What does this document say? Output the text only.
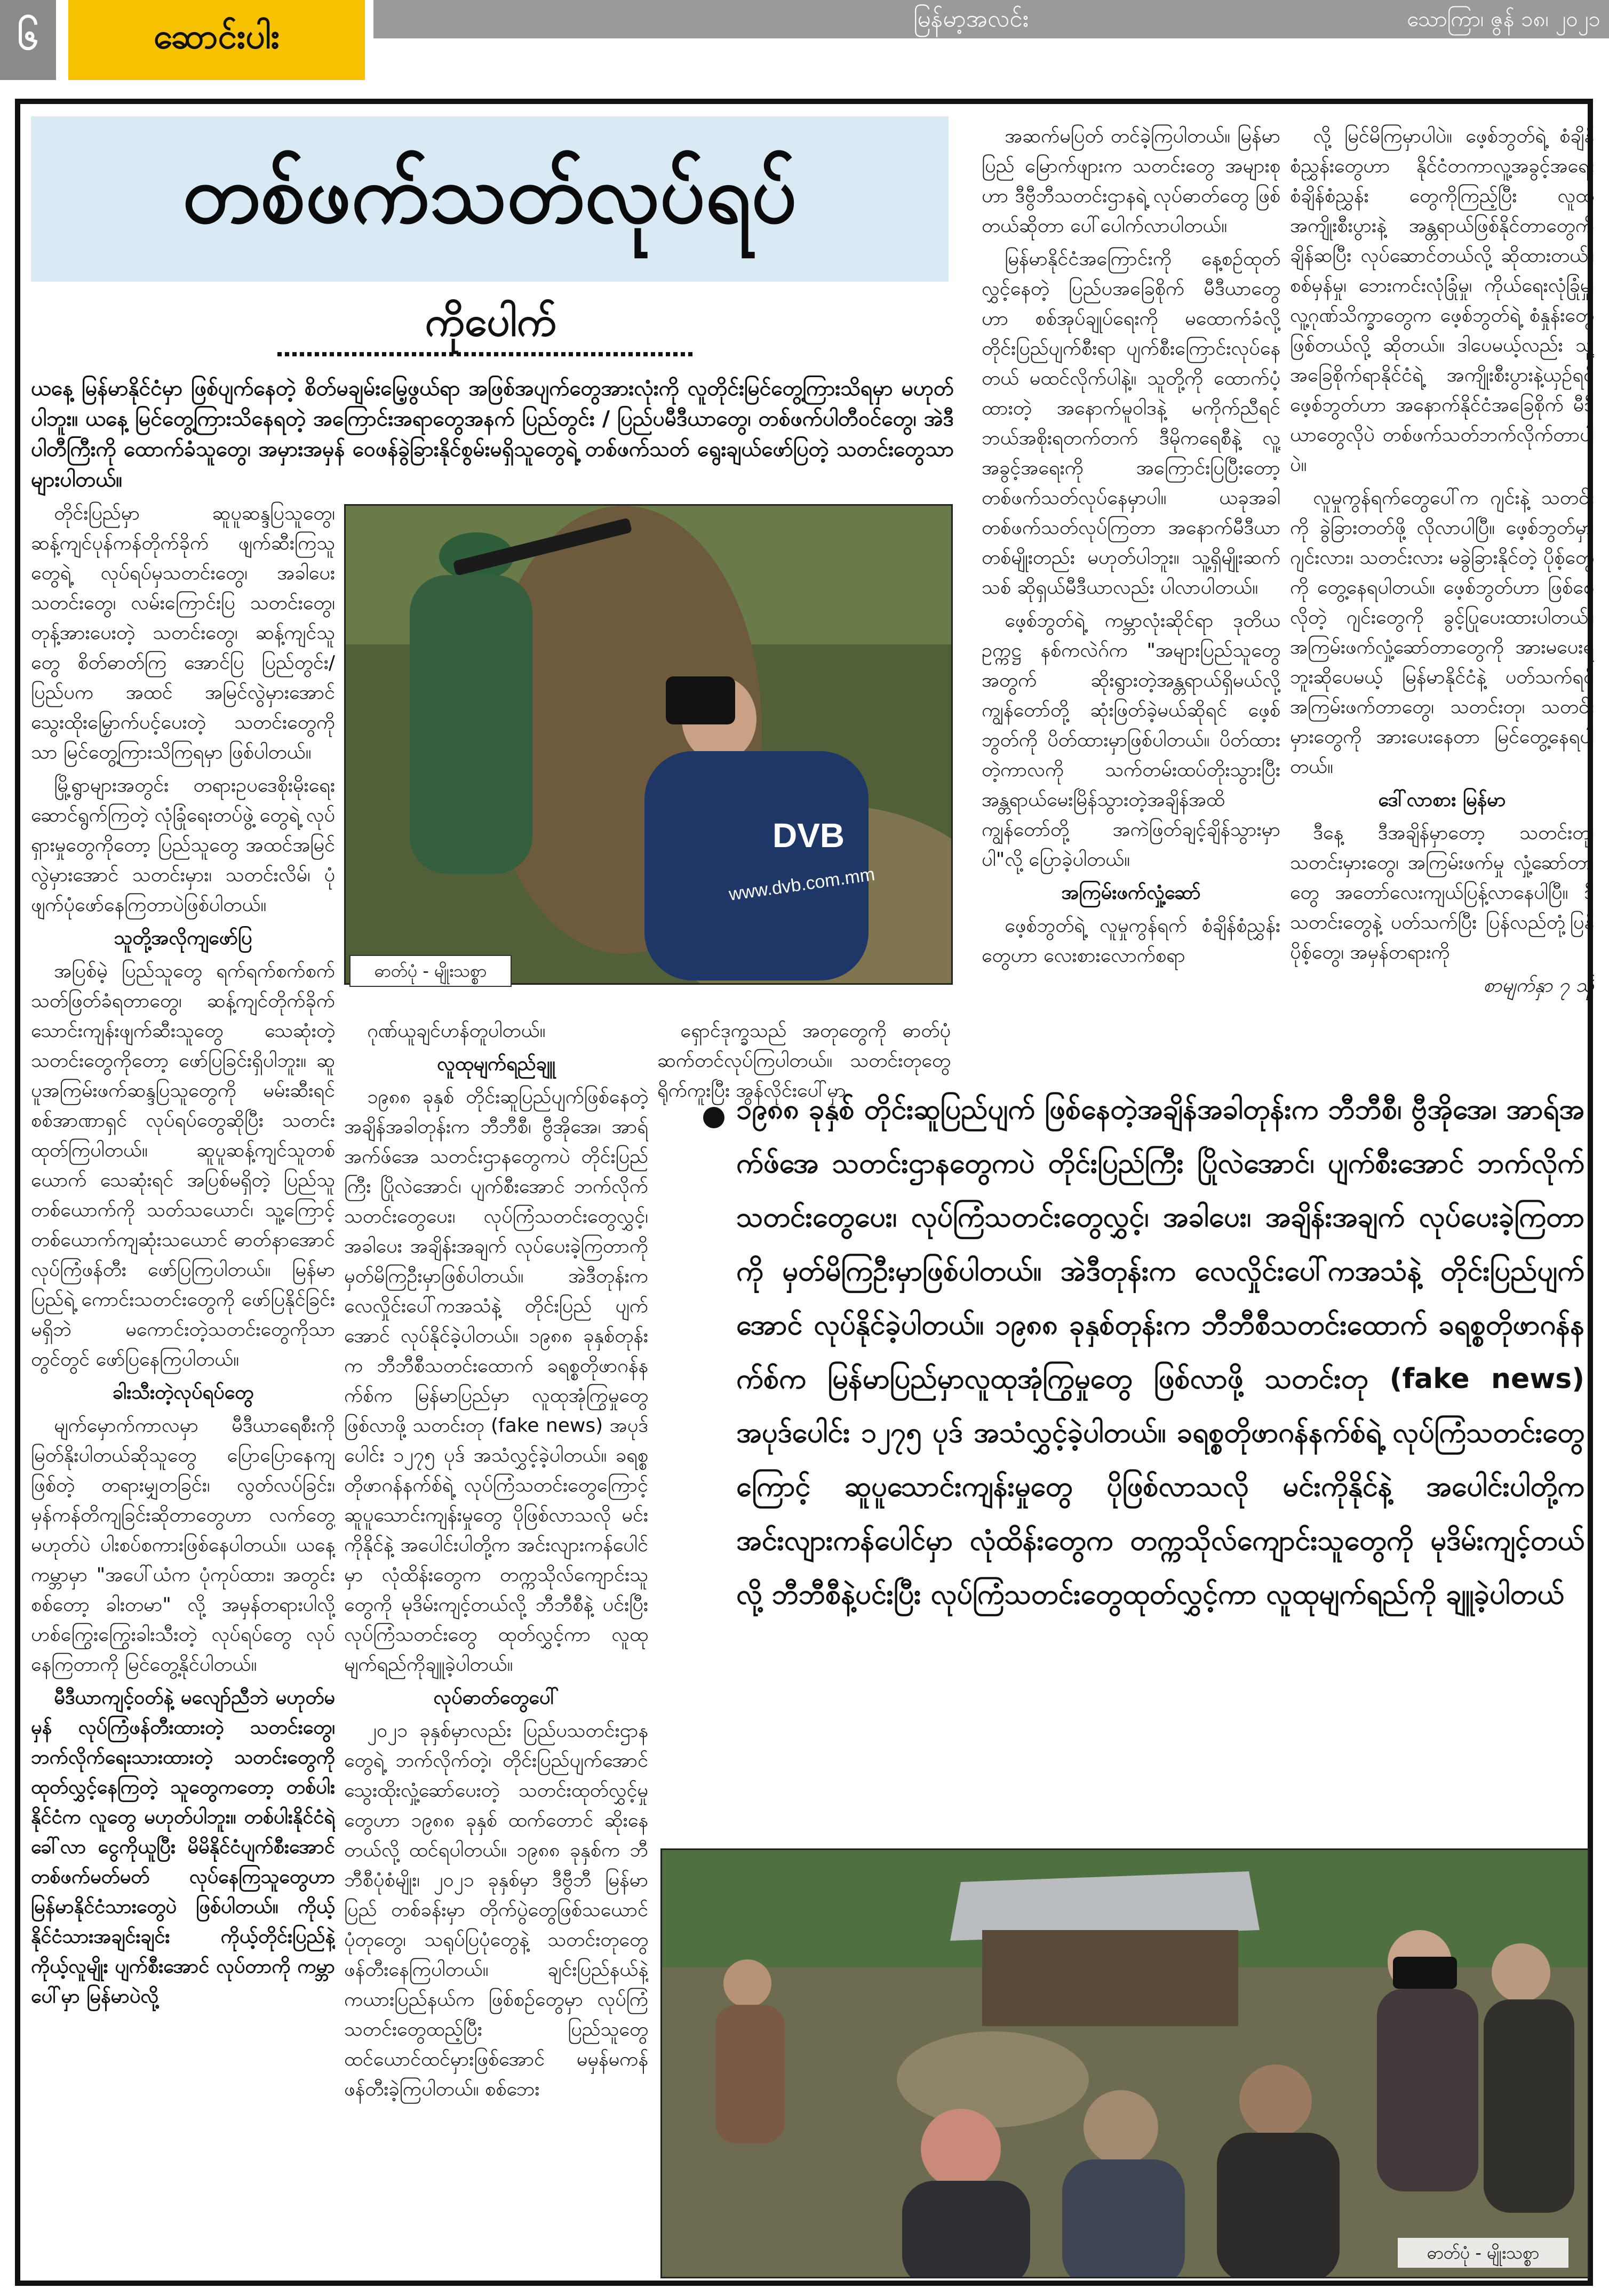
၆	ဆောင်းပါး	မြန်မာ့အလင်း	သောကြာ၊ ဇွန် ၁၈၊ ၂၀၂၁
တစ်ဖက်သတ်လုပ်ရပ်
ကိုပေါက်
ယနေ့ မြန်မာနိုင်ငံမှာ ဖြစ်ပျက်နေတဲ့ စိတ်မချမ်းမြေ့ဖွယ်ရာ အဖြစ်အပျက်တွေအားလုံးကို လူတိုင်းမြင်တွေ့ကြားသိရမှာ မဟုတ်ပါဘူး။ ယနေ့ မြင်တွေ့ကြားသိနေရတဲ့ အကြောင်းအရာတွေအနက် ပြည်တွင်း / ပြည်ပမီဒီယာတွေ၊ တစ်ဖက်ပါတီဝင်တွေ၊ အဲဒီ ပါတီကြီးကို ထောက်ခံသူတွေ၊ အမှားအမှန် ဝေဖန်ခွဲခြားနိုင်စွမ်းမရှိသူတွေရဲ့ တစ်ဖက်သတ် ရွေးချယ်ဖော်ပြတဲ့ သတင်းတွေသာ များပါတယ်။

တိုင်းပြည်မှာ ဆူပူဆန္ဒပြသူတွေ၊ ဆန့်ကျင်ပုန်ကန်တိုက်ခိုက် ဖျက်ဆီးကြသူတွေရဲ့ လုပ်ရပ်မှသတင်းတွေ၊ အခါပေးသတင်းတွေ၊ လမ်းကြောင်းပြ သတင်းတွေ၊ တုန့်အားပေးတဲ့ သတင်းတွေ၊ ဆန့်ကျင်သူတွေ စိတ်ဓာတ်ကြ အောင်ပြ ပြည်တွင်း/ ပြည်ပက အထင် အမြင်လွဲမှားအောင် သွေးထိုးမြှောက်ပင့်ပေးတဲ့ သတင်းတွေကိုသာ မြင်တွေ့ကြားသိကြရမှာ ဖြစ်ပါတယ်။

မြို့ရွာများအတွင်း တရားဥပဒေစိုးမိုးရေးဆောင်ရွက်ကြတဲ့ လုံခြုံရေးတပ်ဖွဲ့ တွေရဲ့ လုပ်ရှားမှုတွေကိုတော့ ပြည်သူတွေ အထင်အမြင်လွဲမှားအောင် သတင်းမှား၊ သတင်းလိမ်၊ ပုံဖျက်ပုံဖော်နေကြတာပဲဖြစ်ပါတယ်။

သူတို့အလိုကျဖော်ပြ

အပြစ်မဲ့ ပြည်သူတွေ ရက်ရက်စက်စက် သတ်ဖြတ်ခံရတာတွေ၊ ဆန့်ကျင်တိုက်ခိုက် သောင်းကျန်းဖျက်ဆီးသူတွေ သေဆုံးတဲ့သတင်းတွေကိုတော့ ဖော်ပြခြင်းရှိပါဘူး။ ဆူပူအကြမ်းဖက်ဆန္ဒပြသူတွေကို မမ်းဆီးရင် စစ်အာဏာရှင် လုပ်ရပ်တွေဆိုပြီး သတင်းထုတ်ကြပါတယ်။ ဆူပူဆန့်ကျင်သူတစ်ယောက် သေဆုံးရင် အပြစ်မရှိတဲ့ ပြည်သူတစ်ယောက်ကို သတ်သယောင်၊ သူ့ကြောင့်တစ်ယောက်ကျဆုံးသယောင် ဓာတ်နာအောင်လုပ်ကြံဖန်တီး ဖော်ပြကြပါတယ်။ မြန်မာပြည်ရဲ့ ကောင်းသတင်းတွေကို ဖော်ပြနိုင်ခြင်းမရှိဘဲ မကောင်းတဲ့သတင်းတွေကိုသာတွင်တွင် ဖော်ပြနေကြပါတယ်။

ခါးသီးတဲ့လုပ်ရပ်တွေ

မျက်မှောက်ကာလမှာ မီဒီယာရေစီးကို မြတ်နိုးပါတယ်ဆိုသူတွေ ပြောပြောနေကျဖြစ်တဲ့ တရားမျှတခြင်း၊ လွတ်လပ်ခြင်း၊ မှန်ကန်တိကျခြင်းဆိုတာတွေဟာ လက်တွေ့ မဟုတ်ပဲ ပါးစပ်စကားဖြစ်နေပါတယ်။ ယနေ့ကမ္ဘာမှာ "အပေါ်ယံက ပုံကုပ်ထား၊ အတွင်းစစ်တော့ ခါးတမာ" လို့ အမှန်တရားပါလို့ ဟစ်ကြွေးကြွေးခါးသီးတဲ့ လုပ်ရပ်တွေ လုပ်နေကြတာကို မြင်တွေ့နိုင်ပါတယ်။

မီဒီယာကျင့်ဝတ်နဲ့ မလျော်ညီဘဲ မဟုတ်မမှန် လုပ်ကြံဖန်တီးထားတဲ့ သတင်းတွေ၊ ဘက်လိုက်ရေးသားထားတဲ့ သတင်းတွေကို ထုတ်လွှင့်နေကြတဲ့ သူတွေကတော့ တစ်ပါးနိုင်ငံက လူတွေ မဟုတ်ပါဘူး။ တစ်ပါးနိုင်ငံရဲ့ ခေါ်လာ ငွေကိုယူပြီး မိမိနိုင်ငံပျက်စီးအောင် တစ်ဖက်မတ်မတ် လုပ်နေကြသူတွေဟာ မြန်မာနိုင်ငံသားတွေပဲ ဖြစ်ပါတယ်။ ကိုယ့်နိုင်ငံသားအချင်းချင်း ကိုယ့်တိုင်းပြည်နဲ့ ကိုယ့်လူမျိုး ပျက်စီးအောင် လုပ်တာကို ကမ္ဘာပေါ်မှာ မြန်မာပဲလို့

ဂုဏ်ယူချင်ဟန်တူပါတယ်။

လူထုမျက်ရည်ချူ

၁၉၈၈ ခုနှစ် တိုင်းဆူပြည်ပျက်ဖြစ်နေတဲ့အချိန်အခါတုန်းက ဘီဘီစီ၊ ဗွီအိုအေ၊ အာရ်အက်ဖ်အေ သတင်းဌာနတွေကပဲ တိုင်းပြည်ကြီး ပြိုလဲအောင်၊ ပျက်စီးအောင် ဘက်လိုက်သတင်းတွေပေး၊ လုပ်ကြံသတင်းတွေလွှင့်၊ အခါပေး အချိန်းအချက် လုပ်ပေးခဲ့ကြတာကို မှတ်မိကြဦးမှာဖြစ်ပါတယ်။ အဲဒီတုန်းက လေလှိုင်းပေါ်ကအသံနဲ့ တိုင်းပြည် ပျက်အောင် လုပ်နိုင်ခဲ့ပါတယ်။ ၁၉၈၈ ခုနှစ်တုန်းက ဘီဘီစီသတင်းထောက် ခရစ္စတိုဖာဂန်နက်စ်က မြန်မာပြည်မှာ လူထုအုံကြွမှုတွေဖြစ်လာဖို့ သတင်းတု (fake news) အပုဒ်ပေါင်း ၁၂၇၅ ပုဒ် အသံလွှင့်ခဲ့ပါတယ်။ ခရစ္စတိုဖာဂန်နက်စ်ရဲ့ လုပ်ကြံသတင်းတွေကြောင့် ဆူပူသောင်းကျန်းမှုတွေ ပိုဖြစ်လာသလို မင်းကိုနိုင်နဲ့ အပေါင်းပါတို့က အင်းလျားကန်ပေါင်မှာ လုံထိန်းတွေက တက္ကသိုလ်ကျောင်းသူတွေကို မုဒိမ်းကျင့်တယ်လို့ ဘီဘီစီနဲ့ ပင်းပြီး လုပ်ကြံသတင်းတွေ ထုတ်လွှင့်ကာ လူထုမျက်ရည်ကိုချူခဲ့ပါတယ်။

လုပ်ဓာတ်တွေပေါ်

၂၀၂၁ ခုနှစ်မှာလည်း ပြည်ပသတင်းဌာနတွေရဲ့ ဘက်လိုက်တဲ့၊ တိုင်းပြည်ပျက်အောင် သွေးထိုးလှုံ့ဆော်ပေးတဲ့ သတင်းထုတ်လွှင့်မှုတွေဟာ ၁၉၈၈ ခုနှစ် ထက်တောင် ဆိုးနေတယ်လို့ ထင်ရပါတယ်။ ၁၉၈၈ ခုနှစ်က ဘီဘီစီပုံစံမျိုး၊ ၂၀၂၁ ခုနှစ်မှာ ဒီဗွီဘီ မြန်မာပြည် တစ်ခန်းမှာ တိုက်ပွဲတွေဖြစ်သယောင် ပုံတုတွေ၊ သရုပ်ပြပုံတွေနဲ့ သတင်းတုတွေ ဖန်တီးနေကြပါတယ်။ ချင်းပြည်နယ်နဲ့ ကယားပြည်နယ်က ဖြစ်စဉ်တွေမှာ လုပ်ကြံသတင်းတွေထည့်ပြီး ပြည်သူတွေ ထင်ယောင်ထင်မှားဖြစ်အောင် မမှန်မကန် ဖန်တီးခဲ့ကြပါတယ်။ စစ်ဘေး

ရှောင်ဒုက္ခသည် အတုတွေကို ဓာတ်ပုံဆက်တင်လုပ်ကြပါတယ်။ သတင်းတုတွေရိုက်ကူးပြီး အွန်လိုင်းပေါ်မှာ

အဆက်မပြတ် တင်ခဲ့ကြပါတယ်။ မြန်မာပြည် မြောက်ဖျားက သတင်းတွေ အများစုဟာ ဒီဗွီဘီသတင်းဌာနရဲ့ လုပ်ဓာတ်တွေ ဖြစ်တယ်ဆိုတာ ပေါ်ပေါက်လာပါတယ်။

မြန်မာနိုင်ငံအကြောင်းကို နေ့စဉ်ထုတ်လွှင့်နေတဲ့ ပြည်ပအခြေစိုက် မီဒီယာတွေဟာ စစ်အုပ်ချုပ်ရေးကို မထောက်ခံလို့ တိုင်းပြည်ပျက်စီးရာ ပျက်စီးကြောင်းလုပ်နေတယ် မထင်လိုက်ပါနဲ့။ သူတို့ကို ထောက်ပံ့ထားတဲ့ အနောက်မူဝါဒနဲ့ မကိုက်ညီရင် ဘယ်အစိုးရတက်တက် ဒီမိုကရေစီနဲ့ လူ့အခွင့်အရေးကို အကြောင်းပြပြီးတော့ တစ်ဖက်သတ်လုပ်နေမှာပါ။ ယခုအခါ တစ်ဖက်သတ်လုပ်ကြတာ အနောက်မီဒီယာတစ်မျိုးတည်း မဟုတ်ပါဘူး။ သူ့ရှိမျိုးဆက်သစ် ဆိုရှယ်မီဒီယာလည်း ပါလာပါတယ်။

ဖေ့စ်ဘွတ်ရဲ့ ကမ္ဘာလုံးဆိုင်ရာ ဒုတိယဥက္ကဋ္ဌ နစ်ကလဲဂ်က "အများပြည်သူတွေအတွက် ဆိုးရွားတဲ့အန္တရာယ်ရှိမယ်လို့ ကျွန်တော်တို့ ဆုံးဖြတ်ခဲ့မယ်ဆိုရင် ဖေ့စ်ဘွတ်ကို ပိတ်ထားမှာဖြစ်ပါတယ်။ ပိတ်ထားတဲ့ကာလကို သက်တမ်းထပ်တိုးသွားပြီး အန္တရာယ်မေးမြိန်သွားတဲ့အချိန်အထိ ကျွန်တော်တို့ အကဲဖြတ်ချင့်ချိန်သွားမှာပါ"လို့ ပြောခဲ့ပါတယ်။

အကြမ်းဖက်လှုံ့ဆော်

ဖေ့စ်ဘွတ်ရဲ့ လူမှုကွန်ရက် စံချိန်စံညွှန်းတွေဟာ လေးစားလောက်စရာ

လို့ မြင်မိကြမှာပါပဲ။ ဖေ့စ်ဘွတ်ရဲ့ စံချိန်စံညွှန်းတွေဟာ နိုင်ငံတကာလူ့အခွင့်အရေး စံချိန်စံညွှန်း တွေကိုကြည့်ပြီး လူထုအကျိုးစီးပွားနဲ့ အန္တရာယ်ဖြစ်နိုင်တာတွေကို ချိန်ဆပြီး လုပ်ဆောင်တယ်လို့ ဆိုထားတယ်။ စစ်မှန်မှု၊ ဘေးကင်းလုံခြုံမှု၊ ကိုယ်ရေးလုံခြုံမှု၊ လူ့ဂုဏ်သိက္ခာတွေက ဖေ့စ်ဘွတ်ရဲ့ စံနှုန်းတွေ ဖြစ်တယ်လို့ ဆိုတယ်။ ဒါပေမယ့်လည်း သူ့အခြေစိုက်ရာနိုင်ငံရဲ့ အကျိုးစီးပွားနဲ့ယှဉ်ရင် ဖေ့စ်ဘွတ်ဟာ အနောက်နိုင်ငံအခြေစိုက် မီဒီယာတွေလိုပဲ တစ်ဖက်သတ်ဘက်လိုက်တာပါပဲ။

လူမှုကွန်ရက်တွေပေါ်က ဂျင်းနဲ့ သတင်းကို ခွဲခြားတတ်ဖို့ လိုလာပါပြီ။ ဖေ့စ်ဘွတ်မှာ ဂျင်းလား၊ သတင်းလား မခွဲခြားနိုင်တဲ့ ပိုစ့်တွေကို တွေ့နေရပါတယ်။ ဖေ့စ်ဘွတ်ဟာ ဖြစ်စေလိုတဲ့ ဂျင်းတွေကို ခွင့်ပြုပေးထားပါတယ်။ အကြမ်းဖက်လှုံ့ဆော်တာတွေကို အားမပေးရဘူးဆိုပေမယ့် မြန်မာနိုင်ငံနဲ့ ပတ်သက်ရင် အကြမ်းဖက်တာတွေ၊ သတင်းတု၊ သတင်းမှားတွေကို အားပေးနေတာ မြင်တွေ့နေရပါတယ်။

ဒေါ်လာစား မြန်မာ

ဒီနေ့ ဒီအချိန်မှာတော့ သတင်းတု၊ သတင်းမှားတွေ၊ အကြမ်းဖက်မှု လှုံ့ဆော်တာတွေ အတော်လေးကျယ်ပြန့်လာနေပါပြီ။ ဒီသတင်းတွေနဲ့ ပတ်သက်ပြီး ပြန်လည်တုံ့ပြန်ပိုစ့်တွေ၊ အမှန်တရားကို

စာမျက်နှာ ၇ သို့

DVB
www.dvb.com.mm
ဓာတ်ပုံ - မျိုးသစ္စာ
၁၉၈၈ ခုနှစ် တိုင်းဆူပြည်ပျက် ဖြစ်နေတဲ့အချိန်အခါတုန်းက ဘီဘီစီ၊ ဗွီအိုအေ၊ အာရ်အက်ဖ်အေ သတင်းဌာနတွေကပဲ တိုင်းပြည်ကြီး ပြိုလဲအောင်၊ ပျက်စီးအောင် ဘက်လိုက်သတင်းတွေပေး၊ လုပ်ကြံသတင်းတွေလွှင့်၊ အခါပေး၊ အချိန်းအချက် လုပ်ပေးခဲ့ကြတာကို မှတ်မိကြဦးမှာဖြစ်ပါတယ်။ အဲဒီတုန်းက လေလှိုင်းပေါ်ကအသံနဲ့ တိုင်းပြည်ပျက်အောင် လုပ်နိုင်ခဲ့ပါတယ်။ ၁၉၈၈ ခုနှစ်တုန်းက ဘီဘီစီသတင်းထောက် ခရစ္စတိုဖာဂန်နက်စ်က မြန်မာပြည်မှာလူထုအုံကြွမှုတွေ ဖြစ်လာဖို့ သတင်းတု (fake news) အပုဒ်ပေါင်း ၁၂၇၅ ပုဒ် အသံလွှင့်ခဲ့ပါတယ်။ ခရစ္စတိုဖာဂန်နက်စ်ရဲ့ လုပ်ကြံသတင်းတွေကြောင့် ဆူပူသောင်းကျန်းမှုတွေ ပိုဖြစ်လာသလို မင်းကိုနိုင်နဲ့ အပေါင်းပါတို့က အင်းလျားကန်ပေါင်မှာ လုံထိန်းတွေက တက္ကသိုလ်ကျောင်းသူတွေကို မုဒိမ်းကျင့်တယ်လို့ ဘီဘီစီနဲ့ပင်းပြီး လုပ်ကြံသတင်းတွေထုတ်လွှင့်ကာ လူထုမျက်ရည်ကို ချူခဲ့ပါတယ်
ဓာတ်ပုံ - မျိုးသစ္စာ
